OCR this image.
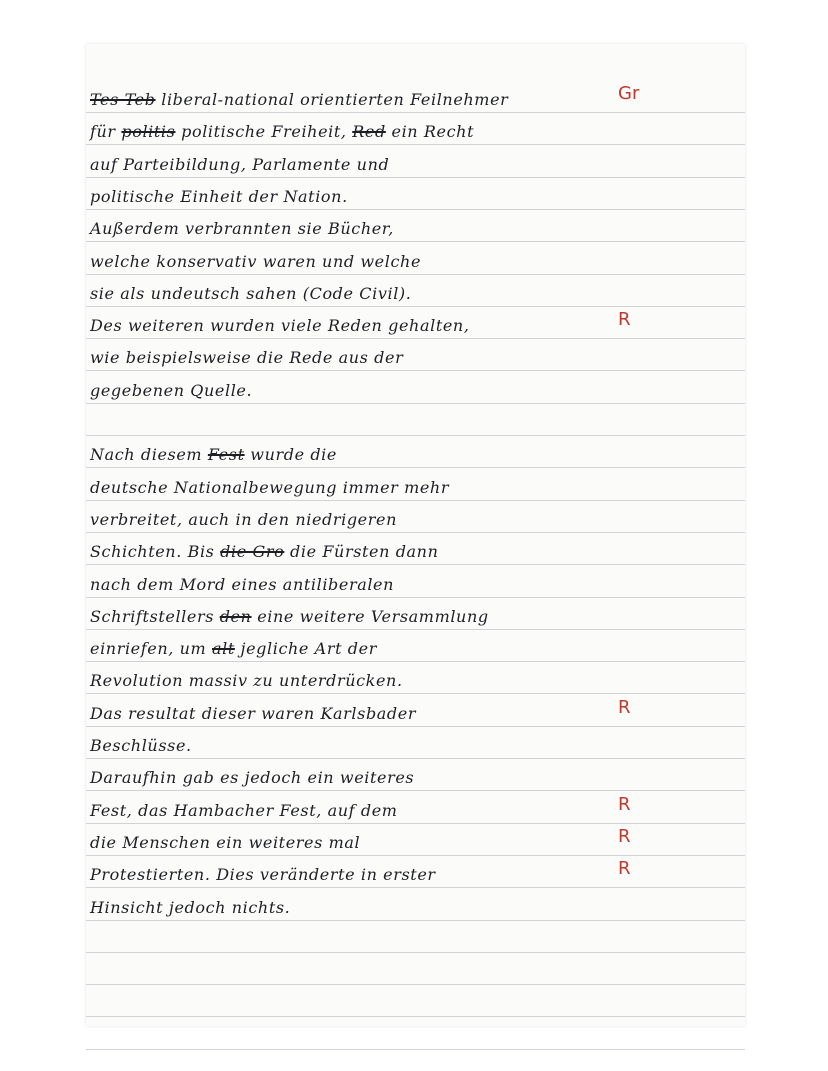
Tes Teb liberal-national orientierten Feilnehmer
für politis politische Freiheit, Red ein Recht
auf Parteibildung, Parlamente und
politische Einheit der Nation.
Außerdem verbrannten sie Bücher,
welche konservativ waren und welche
sie als undeutsch sahen (Code Civil).
Des weiteren wurden viele Reden gehalten,
wie beispielsweise die Rede aus der
gegebenen Quelle.
Nach diesem Fest wurde die
deutsche Nationalbewegung immer mehr
verbreitet, auch in den niedrigeren
Schichten. Bis die Gro die Fürsten dann
nach dem Mord eines antiliberalen
Schriftstellers den eine weitere Versammlung
einriefen, um alt jegliche Art der
Revolution massiv zu unterdrücken.
Das resultat dieser waren Karlsbader
Beschlüsse.
Daraufhin gab es jedoch ein weiteres
Fest, das Hambacher Fest, auf dem
die Menschen ein weiteres mal
Protestierten. Dies veränderte in erster
Hinsicht jedoch nichts.
Gr
R
R
R
R
R
